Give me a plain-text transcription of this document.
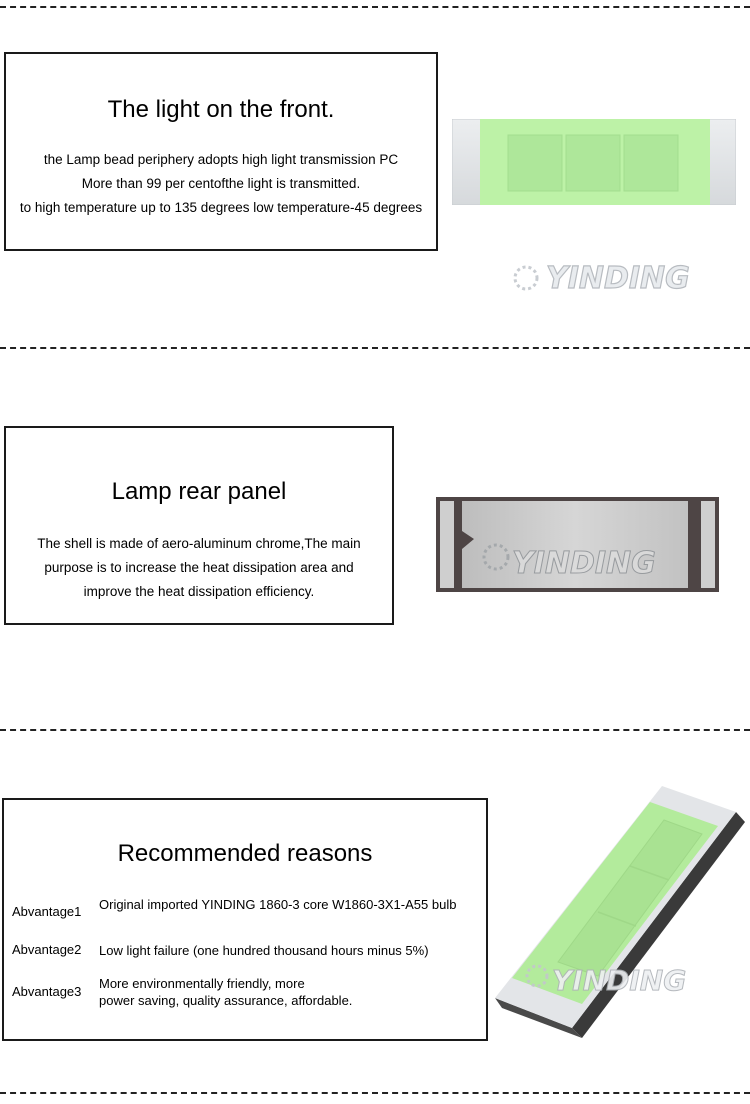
The light on the front.
the Lamp bead periphery adopts high light transmission PC
More than 99 per centofthe light is transmitted.
to high temperature up to 135 degrees low temperature-45 degrees
YINDING
Lamp rear panel
The shell is made of aero-aluminum chrome,The main
purpose is to increase the heat dissipation area and
improve the heat dissipation efficiency.
YINDING
Recommended reasons
Abvantage1 Original imported YINDING 1860-3 core W1860-3X1-A55 bulb
Abvantage2 Low light failure (one hundred thousand hours minus 5%)
Abvantage3
More environmentally friendly, more
power saving, quality assurance, affordable.
YINDING
